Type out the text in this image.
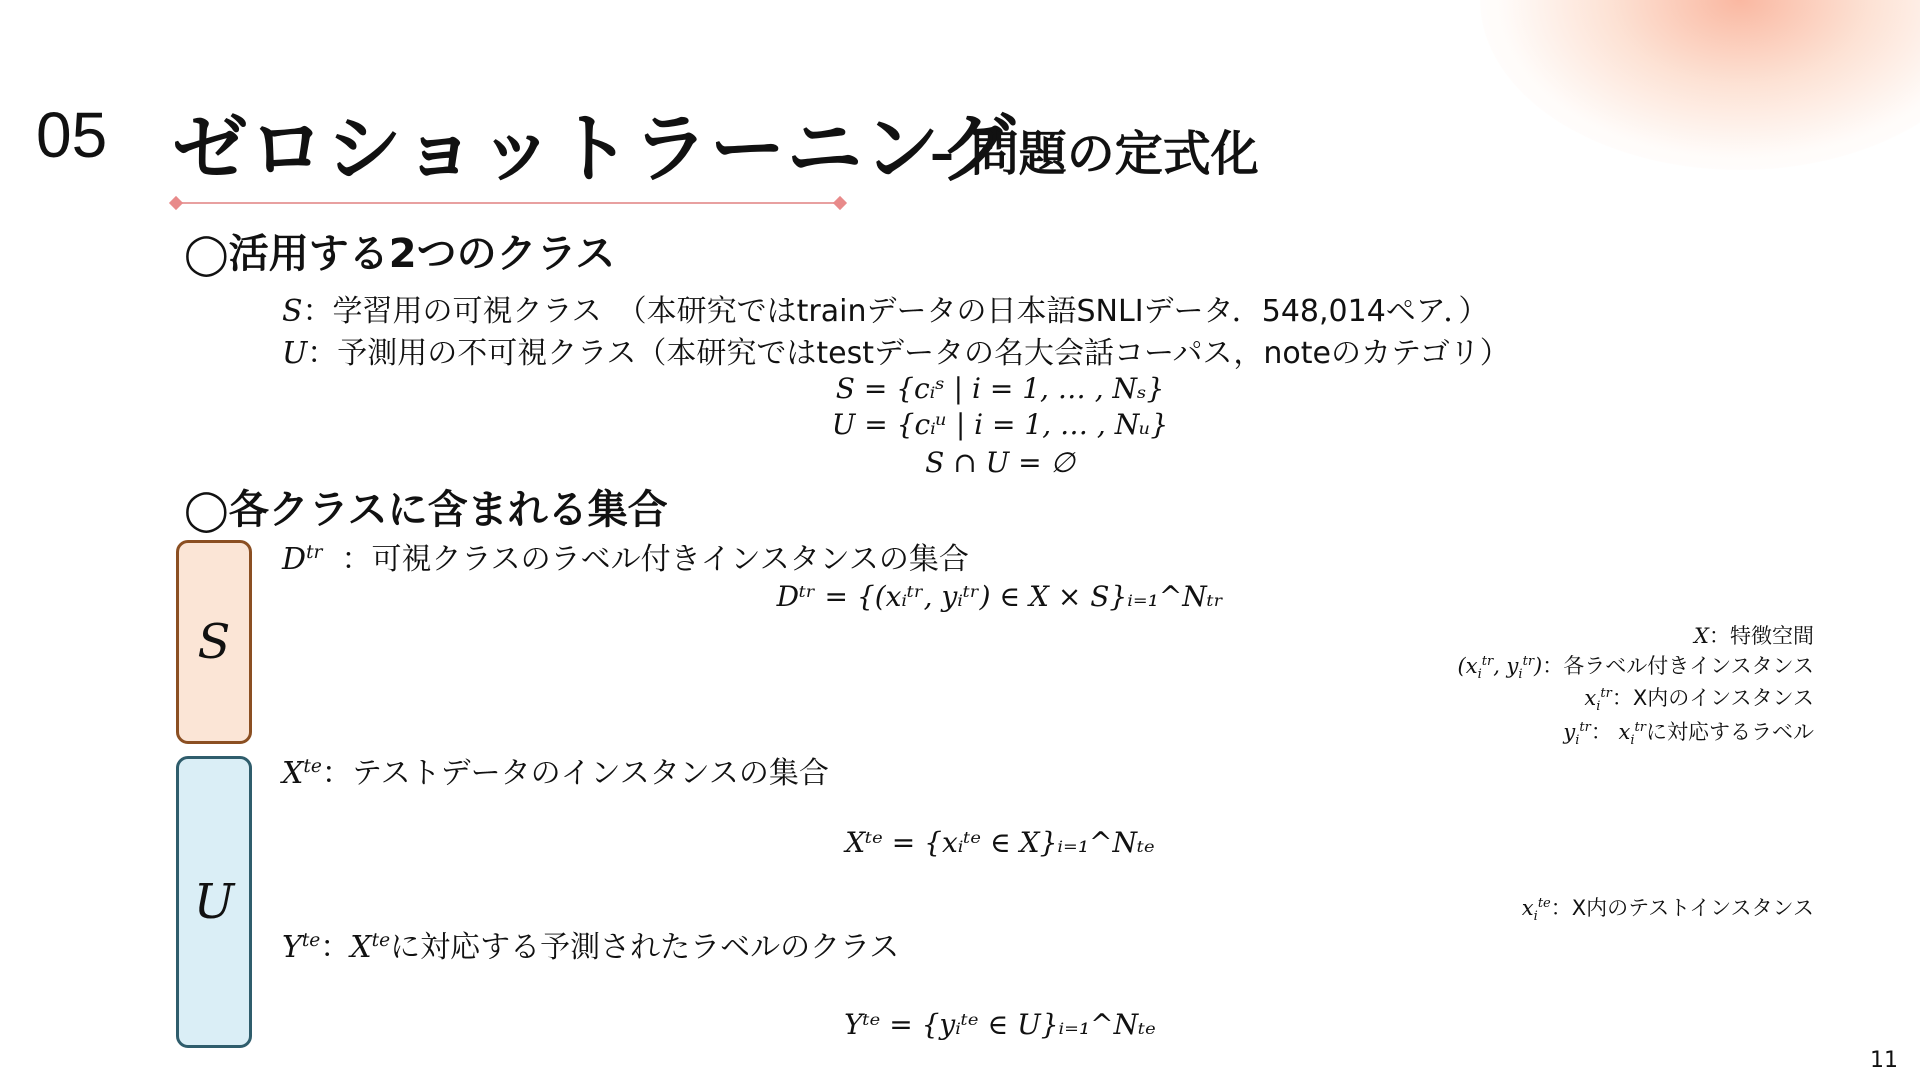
05 ゼロショットラーニング
– 問題の定式化
◯活用する2つのクラス
S：学習用の可視クラス　（本研究ではtrainデータの日本語SNLIデータ．548,014ペア．）
U：予測用の不可視クラス（本研究ではtestデータの名大会話コーパス，noteのカテゴリ）
S = {cᵢˢ | i = 1, … , Nₛ}
U = {cᵢᵘ | i = 1, … , Nᵤ}
S ∩ U = ∅
◯各クラスに含まれる集合
S
U
$D^{tr}$ ：可視クラスのラベル付きインスタンスの集合
Dᵗʳ = {(xᵢᵗʳ, yᵢᵗʳ) ∈ X × S}ᵢ₌₁^Nₜᵣ
$X^{te}$：テストデータのインスタンスの集合
Xᵗᵉ = {xᵢᵗᵉ ∈ X}ᵢ₌₁^Nₜₑ
$Y^{te}$：$X^{te}$に対応する予測されたラベルのクラス
Yᵗᵉ = {yᵢᵗᵉ ∈ U}ᵢ₌₁^Nₜₑ
X：特徴空間
($x_i^{tr}$, $y_i^{tr}$)：各ラベル付きインスタンス
$x_i^{tr}$：X内のインスタンス
$y_i^{tr}$： $x_i^{tr}$に対応するラベル
$x_i^{te}$：X内のテストインスタンス
11
